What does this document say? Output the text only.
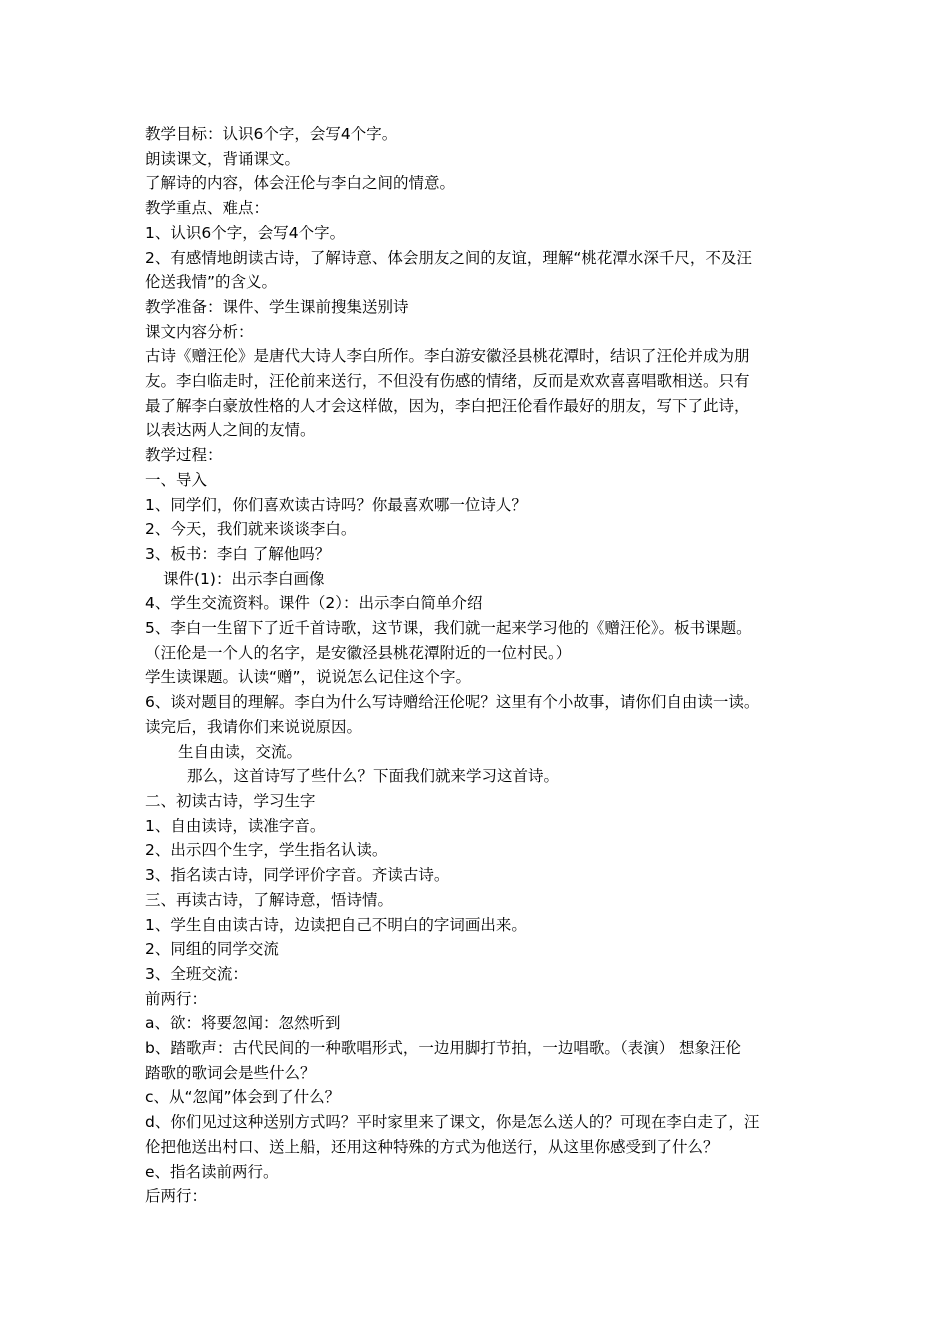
教学目标：认识6个字，会写4个字。
朗读课文，背诵课文。
了解诗的内容，体会汪伦与李白之间的情意。
教学重点、难点：
1、认识6个字，会写4个字。
2、有感情地朗读古诗，了解诗意、体会朋友之间的友谊，理解“桃花潭水深千尺，不及汪
伦送我情”的含义。
教学准备：课件、学生课前搜集送别诗
课文内容分析：
古诗《赠汪伦》是唐代大诗人李白所作。李白游安徽泾县桃花潭时，结识了汪伦并成为朋
友。李白临走时，汪伦前来送行，不但没有伤感的情绪，反而是欢欢喜喜唱歌相送。只有
最了解李白豪放性格的人才会这样做，因为，李白把汪伦看作最好的朋友，写下了此诗，
以表达两人之间的友情。
教学过程：
一、导入
1、同学们，你们喜欢读古诗吗？你最喜欢哪一位诗人？
2、今天，我们就来谈谈李白。
3、板书：李白 了解他吗？
课件(1)：出示李白画像
4、学生交流资料。课件（2）：出示李白简单介绍
5、李白一生留下了近千首诗歌，这节课，我们就一起来学习他的《赠汪伦》。板书课题。
（汪伦是一个人的名字，是安徽泾县桃花潭附近的一位村民。）
学生读课题。认读“赠”，说说怎么记住这个字。
6、谈对题目的理解。李白为什么写诗赠给汪伦呢？这里有个小故事，请你们自由读一读。
读完后，我请你们来说说原因。
生自由读，交流。
那么，这首诗写了些什么？下面我们就来学习这首诗。
二、初读古诗，学习生字
1、自由读诗，读准字音。
2、出示四个生字，学生指名认读。
3、指名读古诗，同学评价字音。齐读古诗。
三、再读古诗，了解诗意，悟诗情。
1、学生自由读古诗，边读把自己不明白的字词画出来。
2、同组的同学交流
3、全班交流：
前两行：
a、欲：将要忽闻：忽然听到
b、踏歌声：古代民间的一种歌唱形式，一边用脚打节拍，一边唱歌。（表演） 想象汪伦
踏歌的歌词会是些什么？
c、从“忽闻”体会到了什么？
d、你们见过这种送别方式吗？平时家里来了课文，你是怎么送人的？可现在李白走了，汪
伦把他送出村口、送上船，还用这种特殊的方式为他送行，从这里你感受到了什么？
e、指名读前两行。
后两行：
